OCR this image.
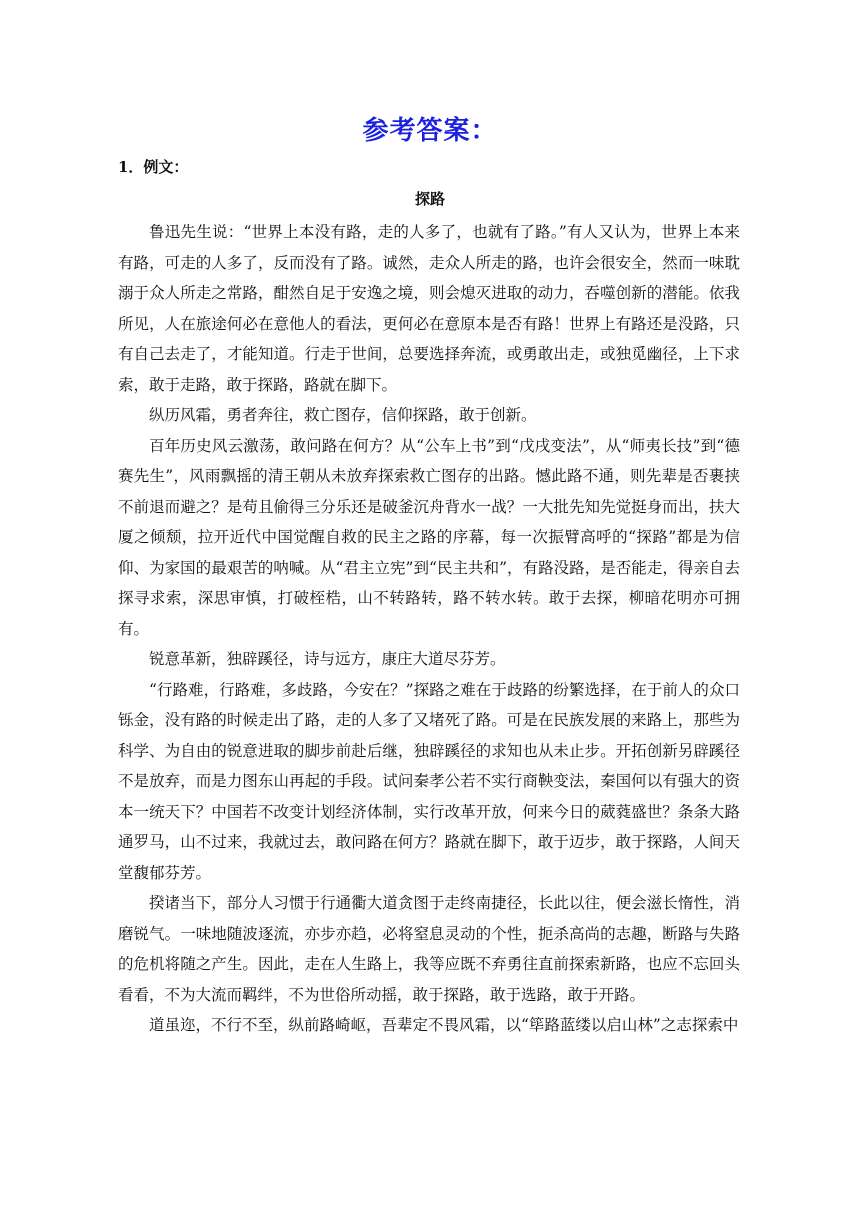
参考答案：
1．例文：
探路

鲁迅先生说：“世界上本没有路，走的人多了，也就有了路。”有人又认为，世界上本来有路，可走的人多了，反而没有了路。诚然，走众人所走的路，也许会很安全，然而一味耽溺于众人所走之常路，酣然自足于安逸之境，则会熄灭进取的动力，吞噬创新的潜能。依我所见，人在旅途何必在意他人的看法，更何必在意原本是否有路！世界上有路还是没路，只有自己去走了，才能知道。行走于世间，总要选择奔流，或勇敢出走，或独觅幽径，上下求索，敢于走路，敢于探路，路就在脚下。

纵历风霜，勇者奔往，救亡图存，信仰探路，敢于创新。

百年历史风云激荡，敢问路在何方？从“公车上书”到“戊戌变法”，从“师夷长技”到“德赛先生”，风雨飘摇的清王朝从未放弃探索救亡图存的出路。憾此路不通，则先辈是否裹挟不前退而避之？是苟且偷得三分乐还是破釜沉舟背水一战？一大批先知先觉挺身而出，扶大厦之倾颓，拉开近代中国觉醒自救的民主之路的序幕，每一次振臂高呼的“探路”都是为信仰、为家国的最艰苦的呐喊。从“君主立宪”到“民主共和”，有路没路，是否能走，得亲自去探寻求索，深思审慎，打破桎梏，山不转路转，路不转水转。敢于去探，柳暗花明亦可拥有。

锐意革新，独辟蹊径，诗与远方，康庄大道尽芬芳。

“行路难，行路难，多歧路，今安在？”探路之难在于歧路的纷繁选择，在于前人的众口铄金，没有路的时候走出了路，走的人多了又堵死了路。可是在民族发展的来路上，那些为科学、为自由的锐意进取的脚步前赴后继，独辟蹊径的求知也从未止步。开拓创新另辟蹊径不是放弃，而是力图东山再起的手段。试问秦孝公若不实行商鞅变法，秦国何以有强大的资本一统天下？中国若不改变计划经济体制，实行改革开放，何来今日的葳蕤盛世？条条大路通罗马，山不过来，我就过去，敢问路在何方？路就在脚下，敢于迈步，敢于探路，人间天堂馥郁芬芳。

揆诸当下，部分人习惯于行通衢大道贪图于走终南捷径，长此以往，便会滋长惰性，消磨锐气。一味地随波逐流，亦步亦趋，必将窒息灵动的个性，扼杀高尚的志趣，断路与失路的危机将随之产生。因此，走在人生路上，我等应既不弃勇往直前探索新路，也应不忘回头看看，不为大流而羁绊，不为世俗所动摇，敢于探路，敢于选路，敢于开路。

道虽迩，不行不至，纵前路崎岖，吾辈定不畏风霜，以“筚路蓝缕以启山林”之志探索中
